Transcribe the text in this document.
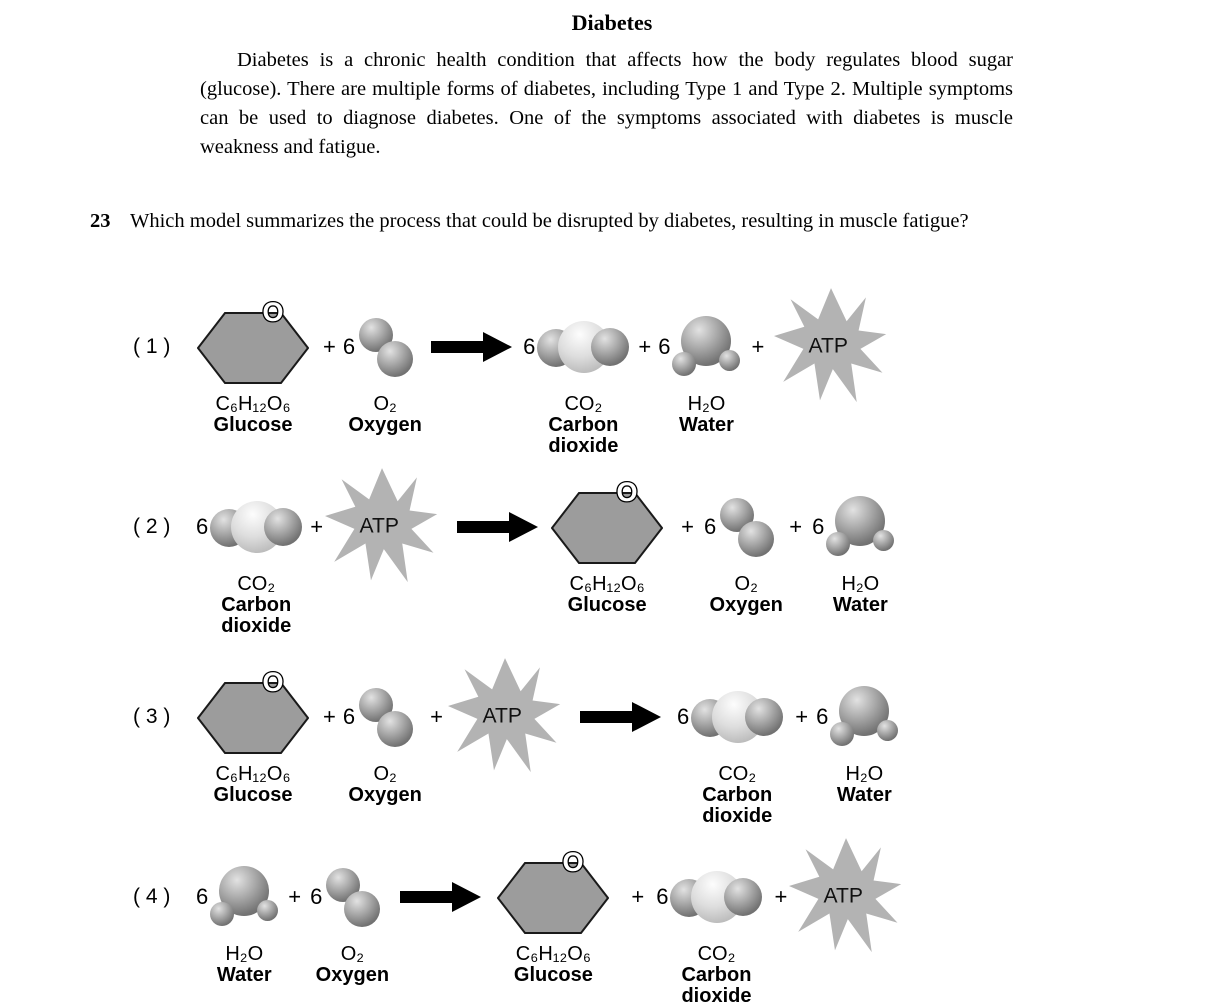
Diabetes
Diabetes is a chronic health condition that affects how the body regulates blood sugar (glucose). There are multiple forms of diabetes, including Type 1 and Type 2. Multiple symptoms can be used to diagnose diabetes. One of the symptoms associated with diabetes is muscle weakness and fatigue.
23 Which model summarizes the process that could be disrupted by diabetes, resulting in muscle fatigue?
( 1 )
O
C₆H₁₂O₆
Glucose
+ 6
O₂
Oxygen
6
CO₂
Carbon
dioxide
+ 6
H₂O
Water
+ ATP
( 2 )	6
CO₂
Carbon
dioxide
+ ATP
O
C₆H₁₂O₆
Glucose
+ 6
O₂
Oxygen
+ 6
H₂O
Water
( 3 )
O
C₆H₁₂O₆
Glucose
+ 6
O₂
Oxygen
+ ATP	6
CO₂
Carbon
dioxide
+ 6
H₂O
Water
( 4 )	6
H₂O
Water
+ 6
O₂
Oxygen
O
C₆H₁₂O₆
Glucose
+ 6
CO₂
Carbon
dioxide
+ ATP
